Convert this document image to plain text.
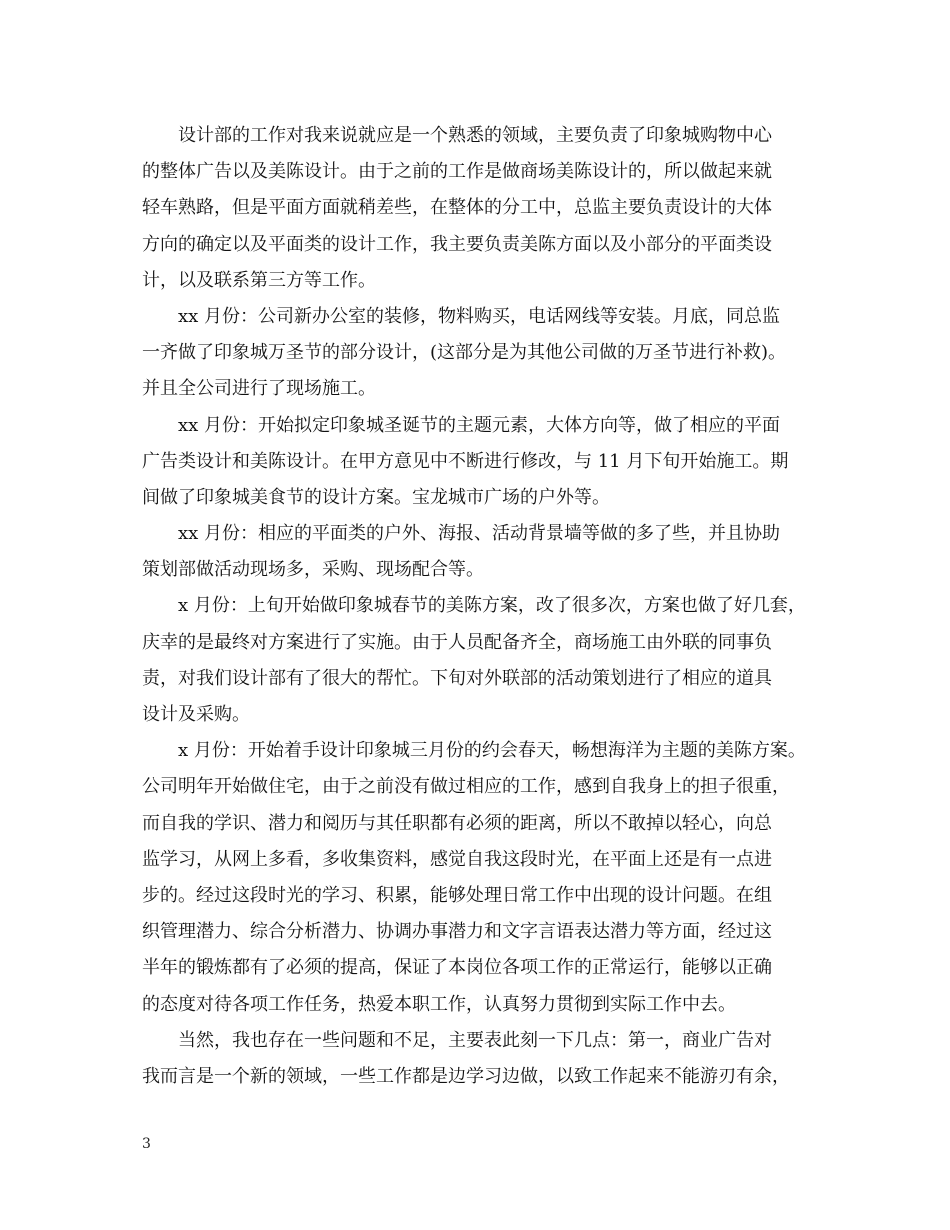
　　设计部的工作对我来说就应是一个熟悉的领域，主要负责了印象城购物中心
的整体广告以及美陈设计。由于之前的工作是做商场美陈设计的，所以做起来就
轻车熟路，但是平面方面就稍差些，在整体的分工中，总监主要负责设计的大体
方向的确定以及平面类的设计工作，我主要负责美陈方面以及小部分的平面类设
计，以及联系第三方等工作。
　　xx 月份：公司新办公室的装修，物料购买，电话网线等安装。月底，同总监
一齐做了印象城万圣节的部分设计，(这部分是为其他公司做的万圣节进行补救)。
并且全公司进行了现场施工。
　　xx 月份：开始拟定印象城圣诞节的主题元素，大体方向等，做了相应的平面
广告类设计和美陈设计。在甲方意见中不断进行修改，与 11 月下旬开始施工。期
间做了印象城美食节的设计方案。宝龙城市广场的户外等。
　　xx 月份：相应的平面类的户外、海报、活动背景墙等做的多了些，并且协助
策划部做活动现场多，采购、现场配合等。
　　x 月份：上旬开始做印象城春节的美陈方案，改了很多次，方案也做了好几套，
庆幸的是最终对方案进行了实施。由于人员配备齐全，商场施工由外联的同事负
责，对我们设计部有了很大的帮忙。下旬对外联部的活动策划进行了相应的道具
设计及采购。
　　x 月份：开始着手设计印象城三月份的约会春天，畅想海洋为主题的美陈方案。
公司明年开始做住宅，由于之前没有做过相应的工作，感到自我身上的担子很重，
而自我的学识、潜力和阅历与其任职都有必须的距离，所以不敢掉以轻心，向总
监学习，从网上多看，多收集资料，感觉自我这段时光，在平面上还是有一点进
步的。经过这段时光的学习、积累，能够处理日常工作中出现的设计问题。在组
织管理潜力、综合分析潜力、协调办事潜力和文字言语表达潜力等方面，经过这
半年的锻炼都有了必须的提高，保证了本岗位各项工作的正常运行，能够以正确
的态度对待各项工作任务，热爱本职工作，认真努力贯彻到实际工作中去。
　　当然，我也存在一些问题和不足，主要表此刻一下几点：第一，商业广告对
我而言是一个新的领域，一些工作都是边学习边做，以致工作起来不能游刃有余，
3
